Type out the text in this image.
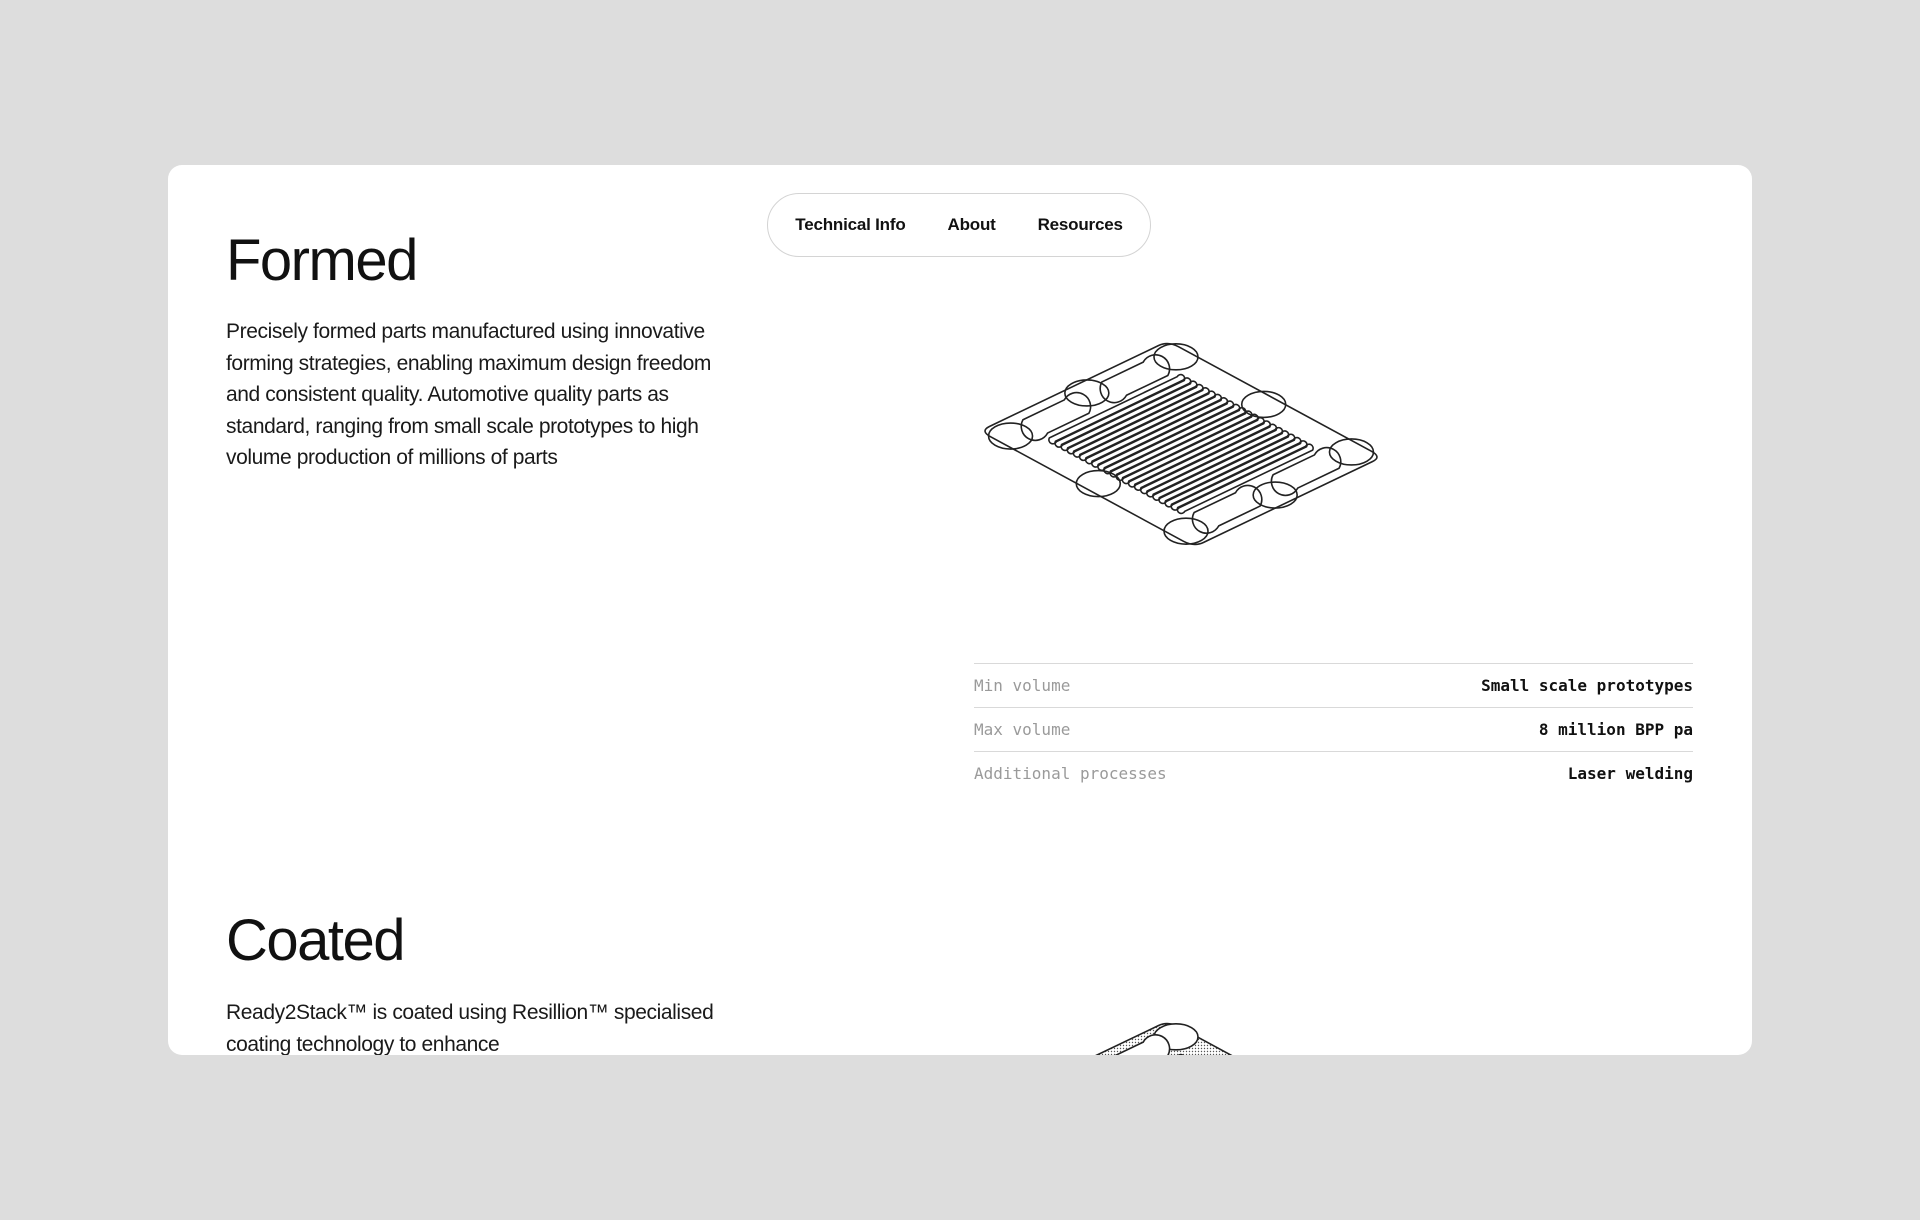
Technical Info About Resources
Formed

Precisely formed parts manufactured using innovative forming strategies, enabling maximum design freedom and consistent quality. Automotive quality parts as standard, ranging from small scale prototypes to high volume production of millions of parts

Min volume	Small scale prototypes
Max volume	8 million BPP pa
Additional processes	Laser welding
Coated

Ready2Stack™ is coated using Resillion™ specialised coating technology to enhance
